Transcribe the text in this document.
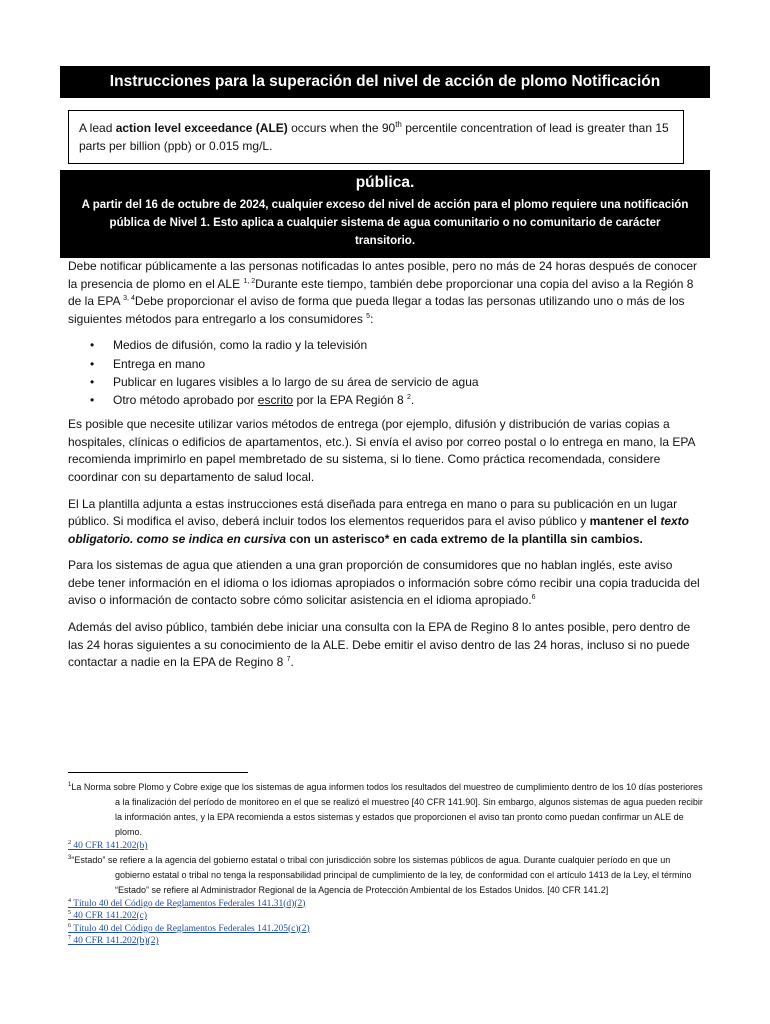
Instrucciones para la superación del nivel de acción de plomo Notificación
A lead action level exceedance (ALE) occurs when the 90th percentile concentration of lead is greater than 15 parts per billion (ppb) or 0.015 mg/L.
pública.
A partir del 16 de octubre de 2024, cualquier exceso del nivel de acción para el plomo requiere una notificación pública de Nivel 1. Esto aplica a cualquier sistema de agua comunitario o no comunitario de carácter transitorio.

Debe notificar públicamente a las personas notificadas lo antes posible, pero no más de 24 horas después de conocer la presencia de plomo en el ALE $^{1, 2}$Durante este tiempo, también debe proporcionar una copia del aviso a la Región 8 de la EPA $^{3, 4}$Debe proporcionar el aviso de forma que pueda llegar a todas las personas utilizando uno o más de los siguientes métodos para entregarlo a los consumidores $^5$:

• Medios de difusión, como la radio y la televisión
• Entrega en mano
• Publicar en lugares visibles a lo largo de su área de servicio de agua
• Otro método aprobado por escrito por la EPA Región 8 $^2$.

Es posible que necesite utilizar varios métodos de entrega (por ejemplo, difusión y distribución de varias copias a hospitales, clínicas o edificios de apartamentos, etc.). Si envía el aviso por correo postal o lo entrega en mano, la EPA recomienda imprimirlo en papel membretado de su sistema, si lo tiene. Como práctica recomendada, considere coordinar con su departamento de salud local.

El La plantilla adjunta a estas instrucciones está diseñada para entrega en mano o para su publicación en un lugar público. Si modifica el aviso, deberá incluir todos los elementos requeridos para el aviso público y mantener el texto obligatorio. como se indica en cursiva con un asterisco* en cada extremo de la plantilla sin cambios.

Para los sistemas de agua que atienden a una gran proporción de consumidores que no hablan inglés, este aviso debe tener información en el idioma o los idiomas apropiados o información sobre cómo recibir una copia traducida del aviso o información de contacto sobre cómo solicitar asistencia en el idioma apropiado.$^6$

Además del aviso público, también debe iniciar una consulta con la EPA de Regino 8 lo antes posible, pero dentro de las 24 horas siguientes a su conocimiento de la ALE. Debe emitir el aviso dentro de las 24 horas, incluso si no puede contactar a nadie en la EPA de Regino 8 $^7$.

$^1$La Norma sobre Plomo y Cobre exige que los sistemas de agua informen todos los resultados del muestreo de cumplimiento dentro de los 10 días posteriores a la finalización del período de monitoreo en el que se realizó el muestreo [40 CFR 141.90]. Sin embargo, algunos sistemas de agua pueden recibir la información antes, y la EPA recomienda a estos sistemas y estados que proporcionen el aviso tan pronto como puedan confirmar un ALE de plomo.
$^2$ 40 CFR 141.202(b)
$^3$“Estado” se refiere a la agencia del gobierno estatal o tribal con jurisdicción sobre los sistemas públicos de agua. Durante cualquier período en que un gobierno estatal o tribal no tenga la responsabilidad principal de cumplimiento de la ley, de conformidad con el artículo 1413 de la Ley, el término “Estado” se refiere al Administrador Regional de la Agencia de Protección Ambiental de los Estados Unidos. [40 CFR 141.2]
$^4$ Título 40 del Código de Reglamentos Federales 141.31(d)(2)
$^5$ 40 CFR 141.202(c)
$^6$ Título 40 del Código de Reglamentos Federales 141.205(c)(2)
$^7$ 40 CFR 141.202(b)(2)
